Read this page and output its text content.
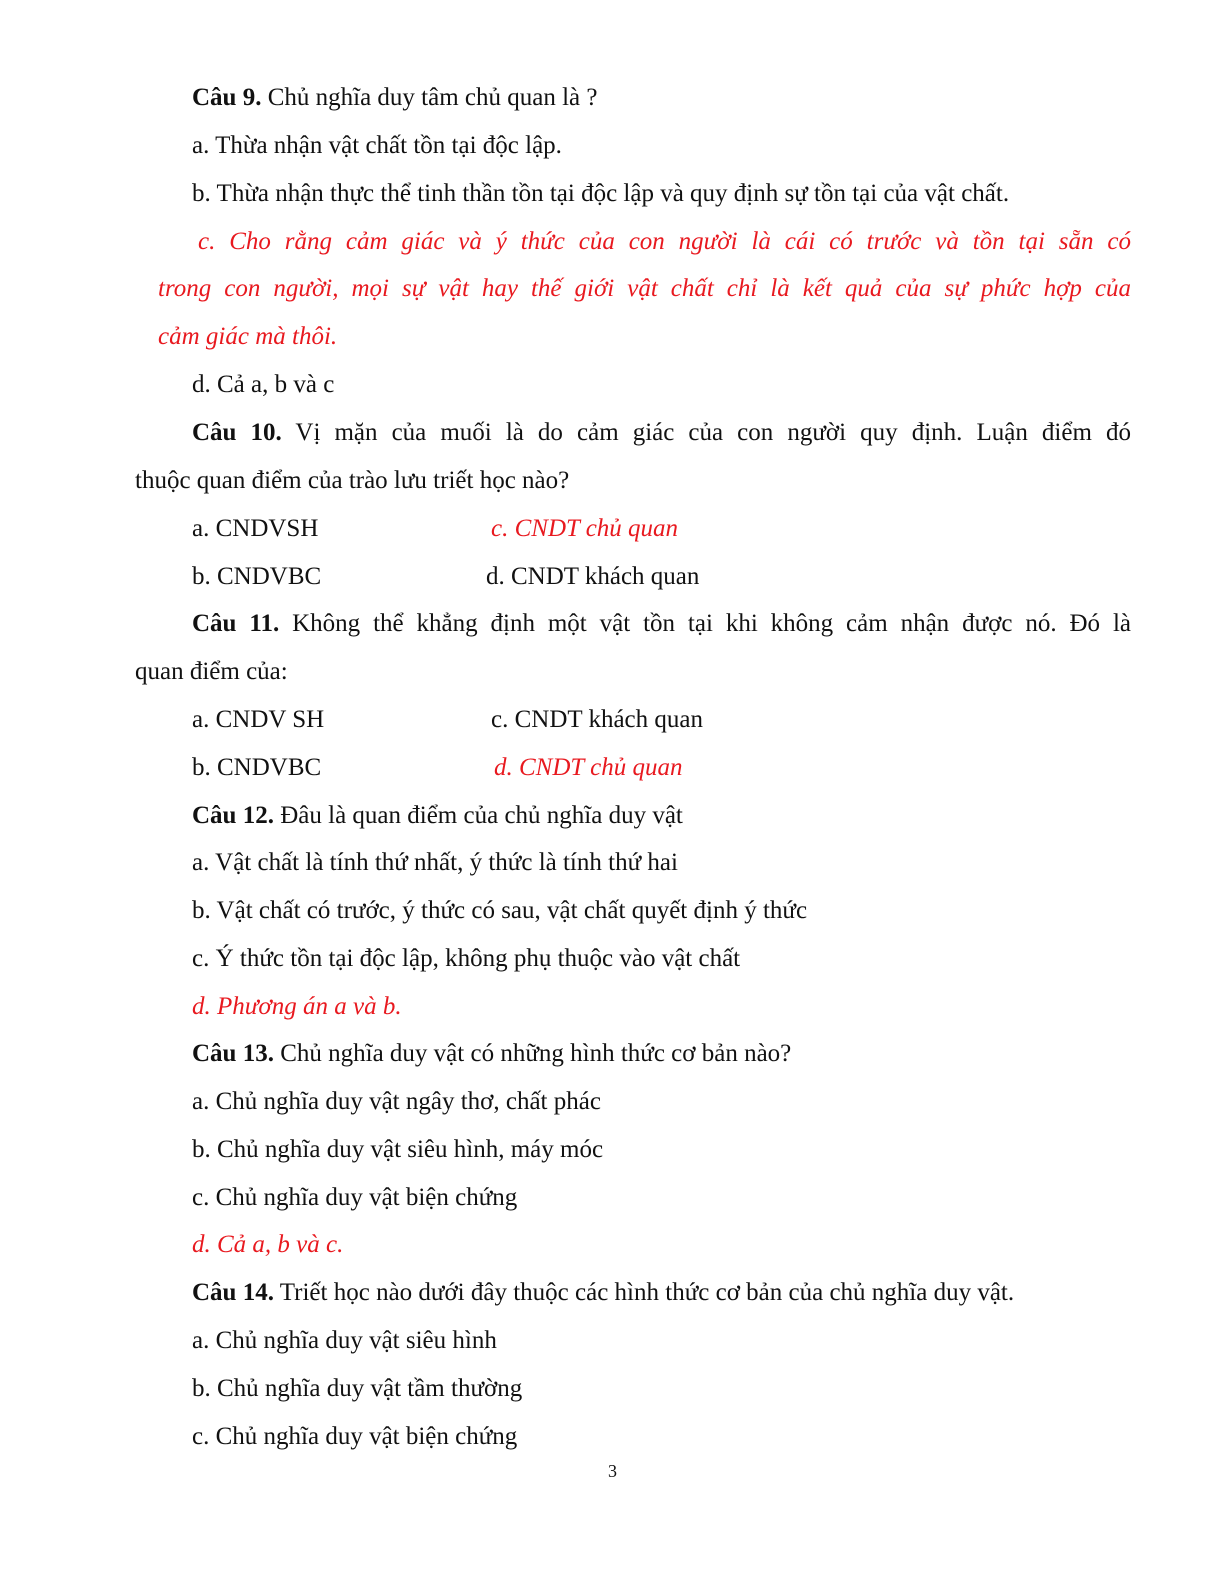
Câu 9. Chủ nghĩa duy tâm chủ quan là ?
a. Thừa nhận vật chất tồn tại độc lập.
b. Thừa nhận thực thể tinh thần tồn tại độc lập và quy định sự tồn tại của vật chất.
c. Cho rằng cảm giác và ý thức của con người là cái có trước và tồn tại sẵn có
trong con người, mọi sự vật hay thế giới vật chất chỉ là kết quả của sự phức hợp của
cảm giác mà thôi.
d. Cả a, b và c
Câu 10. Vị mặn của muối là do cảm giác của con người quy định. Luận điểm đó
thuộc quan điểm của trào lưu triết học nào?
a. CNDVSH	c. CNDT chủ quan
b. CNDVBC	d. CNDT khách quan
Câu 11. Không thể khẳng định một vật tồn tại khi không cảm nhận được nó. Đó là
quan điểm của:
a. CNDV SH	c. CNDT khách quan
b. CNDVBC	d. CNDT chủ quan
Câu 12. Đâu là quan điểm của chủ nghĩa duy vật
a. Vật chất là tính thứ nhất, ý thức là tính thứ hai
b. Vật chất có trước, ý thức có sau, vật chất quyết định ý thức
c. Ý thức tồn tại độc lập, không phụ thuộc vào vật chất
d. Phương án a và b.
Câu 13. Chủ nghĩa duy vật có những hình thức cơ bản nào?
a. Chủ nghĩa duy vật ngây thơ, chất phác
b. Chủ nghĩa duy vật siêu hình, máy móc
c. Chủ nghĩa duy vật biện chứng
d. Cả a, b và c.
Câu 14. Triết học nào dưới đây thuộc các hình thức cơ bản của chủ nghĩa duy vật.
a. Chủ nghĩa duy vật siêu hình
b. Chủ nghĩa duy vật tầm thường
c. Chủ nghĩa duy vật biện chứng
3
